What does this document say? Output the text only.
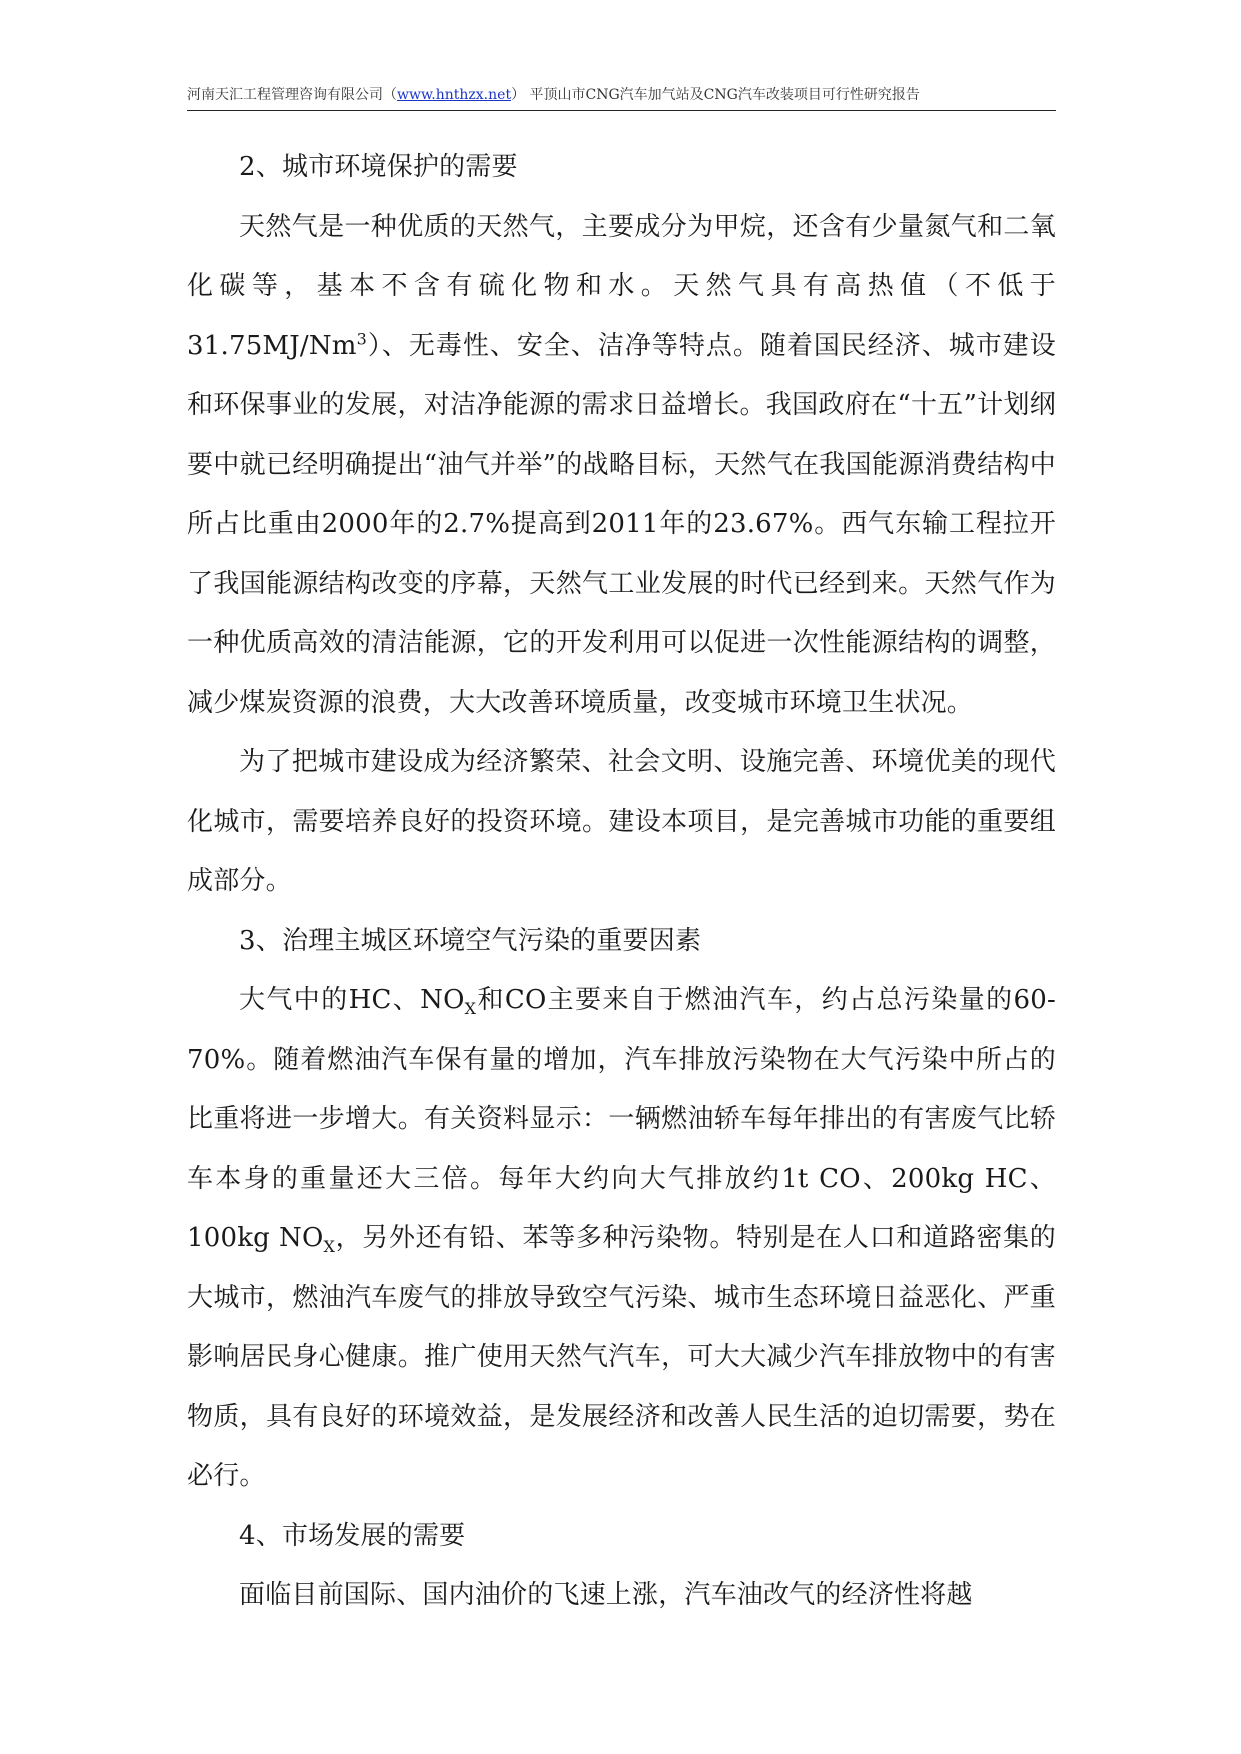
河南天汇工程管理咨询有限公司（www.hnthzx.net） 平顶山市CNG汽车加气站及CNG汽车改装项目可行性研究报告

2、城市环境保护的需要

天然气是一种优质的天然气，主要成分为甲烷，还含有少量氮气和二氧化碳等，基本不含有硫化物和水。天然气具有高热值（不低于31.75MJ/Nm$^3$）、无毒性、安全、洁净等特点。随着国民经济、城市建设和环保事业的发展，对洁净能源的需求日益增长。我国政府在“十五”计划纲要中就已经明确提出“油气并举”的战略目标，天然气在我国能源消费结构中所占比重由2000年的2.7%提高到2011年的23.67%。西气东输工程拉开了我国能源结构改变的序幕，天然气工业发展的时代已经到来。天然气作为一种优质高效的清洁能源，它的开发利用可以促进一次性能源结构的调整，减少煤炭资源的浪费，大大改善环境质量，改变城市环境卫生状况。

为了把城市建设成为经济繁荣、社会文明、设施完善、环境优美的现代化城市，需要培养良好的投资环境。建设本项目，是完善城市功能的重要组成部分。

3、治理主城区环境空气污染的重要因素

大气中的HC、$NO_X$和CO主要来自于燃油汽车，约占总污染量的60-70%。随着燃油汽车保有量的增加，汽车排放污染物在大气污染中所占的比重将进一步增大。有关资料显示：一辆燃油轿车每年排出的有害废气比轿车本身的重量还大三倍。每年大约向大气排放约1t CO、200kg HC、100kg $NO_X$，另外还有铅、苯等多种污染物。特别是在人口和道路密集的大城市，燃油汽车废气的排放导致空气污染、城市生态环境日益恶化、严重影响居民身心健康。推广使用天然气汽车，可大大减少汽车排放物中的有害物质，具有良好的环境效益，是发展经济和改善人民生活的迫切需要，势在必行。

4、市场发展的需要

面临目前国际、国内油价的飞速上涨，汽车油改气的经济性将越
